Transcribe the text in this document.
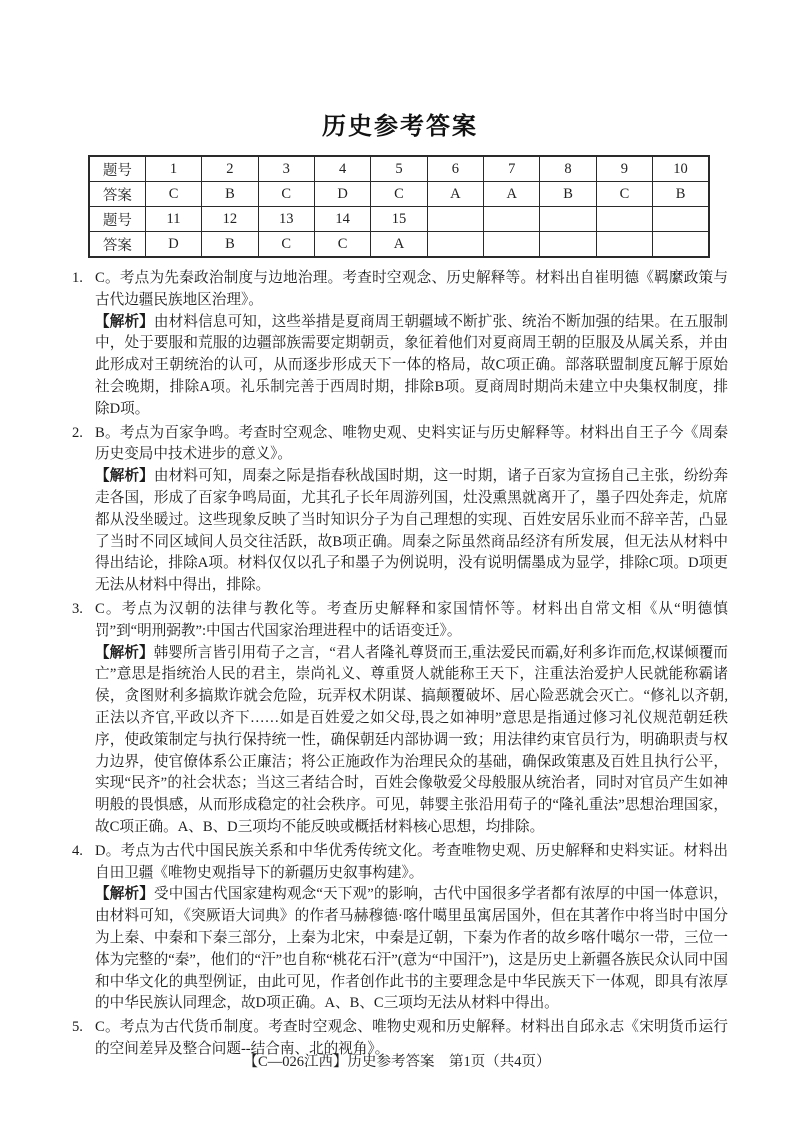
历史参考答案
题号	1	2	3	4	5	6	7	8	9	10
答案	C	B	C	D	C	A	A	B	C	B
题号	11	12	13	14	15					
答案	D	B	C	C	A					
1. C。考点为先秦政治制度与边地治理。考查时空观念、历史解释等。材料出自崔明德《羁縻政策与古代边疆民族地区治理》。

【解析】由材料信息可知，这些举措是夏商周王朝疆域不断扩张、统治不断加强的结果。在五服制中，处于要服和荒服的边疆部族需要定期朝贡，象征着他们对夏商周王朝的臣服及从属关系，并由此形成对王朝统治的认可，从而逐步形成天下一体的格局，故C项正确。部落联盟制度瓦解于原始社会晚期，排除A项。礼乐制完善于西周时期，排除B项。夏商周时期尚未建立中央集权制度，排除D项。

2. B。考点为百家争鸣。考查时空观念、唯物史观、史料实证与历史解释等。材料出自王子今《周秦历史变局中技术进步的意义》。

【解析】由材料可知，周秦之际是指春秋战国时期，这一时期，诸子百家为宣扬自己主张，纷纷奔走各国，形成了百家争鸣局面，尤其孔子长年周游列国，灶没熏黑就离开了，墨子四处奔走，炕席都从没坐暖过。这些现象反映了当时知识分子为自己理想的实现、百姓安居乐业而不辞辛苦，凸显了当时不同区域间人员交往活跃，故B项正确。周秦之际虽然商品经济有所发展，但无法从材料中得出结论，排除A项。材料仅仅以孔子和墨子为例说明，没有说明儒墨成为显学，排除C项。D项更无法从材料中得出，排除。

3. C。考点为汉朝的法律与教化等。考查历史解释和家国情怀等。材料出自常文相《从“明德慎罚”到“明刑弼教”:中国古代国家治理进程中的话语变迁》。

【解析】韩婴所言皆引用荀子之言，“君人者隆礼尊贤而王,重法爱民而霸,好利多诈而危,权谋倾覆而亡”意思是指统治人民的君主，崇尚礼义、尊重贤人就能称王天下，注重法治爱护人民就能称霸诸侯，贪图财利多搞欺诈就会危险，玩弄权术阴谋、搞颠覆破坏、居心险恶就会灭亡。“修礼以齐朝,正法以齐官,平政以齐下……如是百姓爱之如父母,畏之如神明”意思是指通过修习礼仪规范朝廷秩序，使政策制定与执行保持统一性，确保朝廷内部协调一致；用法律约束官员行为，明确职责与权力边界，使官僚体系公正廉洁；将公正施政作为治理民众的基础，确保政策惠及百姓且执行公平，实现“民齐”的社会状态；当这三者结合时，百姓会像敬爱父母般服从统治者，同时对官员产生如神明般的畏惧感，从而形成稳定的社会秩序。可见，韩婴主张沿用荀子的“隆礼重法”思想治理国家，故C项正确。A、B、D三项均不能反映或概括材料核心思想，均排除。

4. D。考点为古代中国民族关系和中华优秀传统文化。考查唯物史观、历史解释和史料实证。材料出自田卫疆《唯物史观指导下的新疆历史叙事构建》。

【解析】受中国古代国家建构观念“天下观”的影响，古代中国很多学者都有浓厚的中国一体意识，由材料可知，《突厥语大词典》的作者马赫穆德·喀什噶里虽寓居国外，但在其著作中将当时中国分为上秦、中秦和下秦三部分，上秦为北宋，中秦是辽朝，下秦为作者的故乡喀什噶尔一带，三位一体为完整的“秦”，他们的“汗”也自称“桃花石汗”(意为“中国汗”)，这是历史上新疆各族民众认同中国和中华文化的典型例证，由此可见，作者创作此书的主要理念是中华民族天下一体观，即具有浓厚的中华民族认同理念，故D项正确。A、B、C三项均无法从材料中得出。

5. C。考点为古代货币制度。考查时空观念、唯物史观和历史解释。材料出自邱永志《宋明货币运行的空间差异及整合问题--结合南、北的视角》。

【C—026江西】历史参考答案　第1页（共4页）
